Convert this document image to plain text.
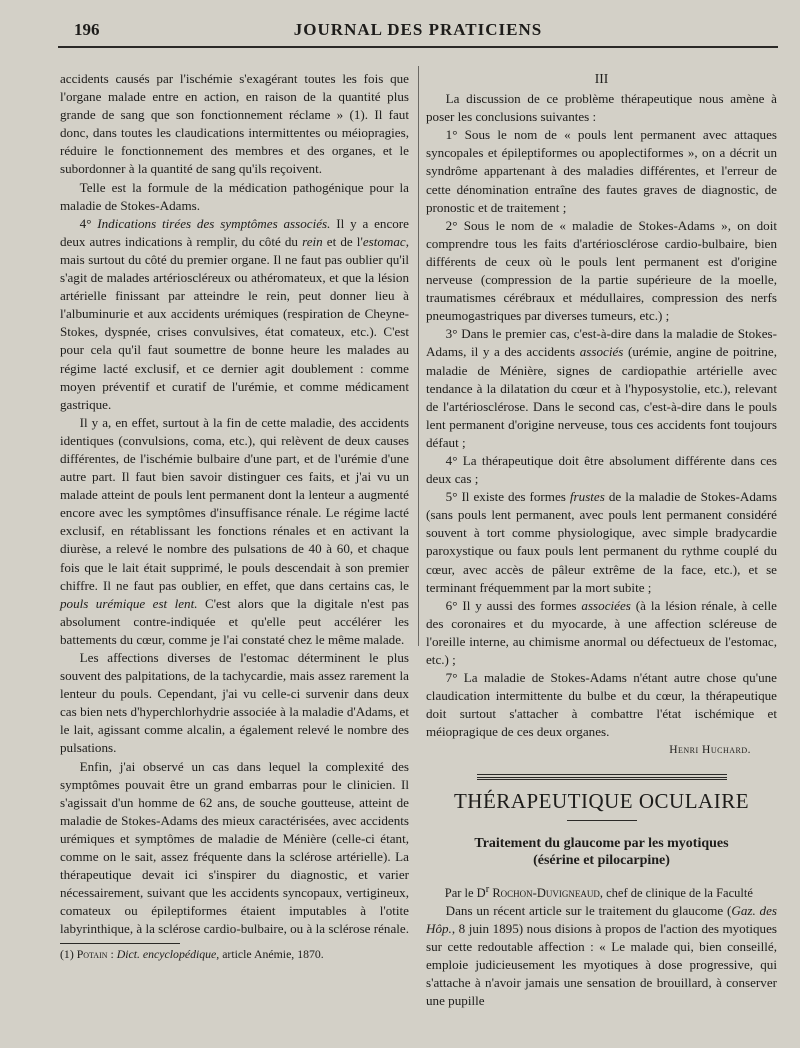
196	JOURNAL DES PRATICIENS

accidents causés par l'ischémie s'exagérant toutes les fois que l'organe malade entre en action, en raison de la quantité plus grande de sang que son fonctionnement réclame » (1). Il faut donc, dans toutes les claudications intermittentes ou méiopragies, réduire le fonctionnement des membres et des organes, et le subordonner à la quantité de sang qu'ils reçoivent.

Telle est la formule de la médication pathogénique pour la maladie de Stokes-Adams.

4° Indications tirées des symptômes associés. Il y a encore deux autres indications à remplir, du côté du rein et de l'estomac, mais surtout du côté du premier organe. Il ne faut pas oublier qu'il s'agit de malades artérioscléreux ou athéromateux, et que la lésion artérielle finissant par atteindre le rein, peut donner lieu à l'albuminurie et aux accidents urémiques (respiration de Cheyne-Stokes, dyspnée, crises convulsives, état comateux, etc.). C'est pour cela qu'il faut soumettre de bonne heure les malades au régime lacté exclusif, et ce dernier agit doublement : comme moyen préventif et curatif de l'urémie, et comme médicament gastrique.

Il y a, en effet, surtout à la fin de cette maladie, des accidents identiques (convulsions, coma, etc.), qui relèvent de deux causes différentes, de l'ischémie bulbaire d'une part, et de l'urémie d'une autre part. Il faut bien savoir distinguer ces faits, et j'ai vu un malade atteint de pouls lent permanent dont la lenteur a augmenté encore avec les symptômes d'insuffisance rénale. Le régime lacté exclusif, en rétablissant les fonctions rénales et en activant la diurèse, a relevé le nombre des pulsations de 40 à 60, et chaque fois que le lait était supprimé, le pouls descendait à son premier chiffre. Il ne faut pas oublier, en effet, que dans certains cas, le pouls urémique est lent. C'est alors que la digitale n'est pas absolument contre-indiquée et qu'elle peut accélérer les battements du cœur, comme je l'ai constaté chez le même malade.

Les affections diverses de l'estomac déterminent le plus souvent des palpitations, de la tachycardie, mais assez rarement la lenteur du pouls. Cependant, j'ai vu celle-ci survenir dans deux cas bien nets d'hyperchlorhydrie associée à la maladie d'Adams, et le lait, agissant comme alcalin, a également relevé le nombre des pulsations.

Enfin, j'ai observé un cas dans lequel la complexité des symptômes pouvait être un grand embarras pour le clinicien. Il s'agissait d'un homme de 62 ans, de souche goutteuse, atteint de maladie de Stokes-Adams des mieux caractérisées, avec accidents urémiques et symptômes de maladie de Ménière (celle-ci étant, comme on le sait, assez fréquente dans la sclérose artérielle). La thérapeutique devait ici s'inspirer du diagnostic, et varier nécessairement, suivant que les accidents syncopaux, vertigineux, comateux ou épileptiformes étaient imputables à l'otite labyrinthique, à la sclérose cardio-bulbaire, ou à la sclérose rénale.

(1) Potain : Dict. encyclopédique, article Anémie, 1870.

III

La discussion de ce problème thérapeutique nous amène à poser les conclusions suivantes :

1° Sous le nom de « pouls lent permanent avec attaques syncopales et épileptiformes ou apoplectiformes », on a décrit un syndrôme appartenant à des maladies différentes, et l'erreur de cette dénomination entraîne des fautes graves de diagnostic, de pronostic et de traitement ;

2° Sous le nom de « maladie de Stokes-Adams », on doit comprendre tous les faits d'artériosclérose cardio-bulbaire, bien différents de ceux où le pouls lent permanent est d'origine nerveuse (compression de la partie supérieure de la moelle, traumatismes cérébraux et médullaires, compression des nerfs pneumogastriques par diverses tumeurs, etc.) ;

3° Dans le premier cas, c'est-à-dire dans la maladie de Stokes-Adams, il y a des accidents associés (urémie, angine de poitrine, maladie de Ménière, signes de cardiopathie artérielle avec tendance à la dilatation du cœur et à l'hyposystolie, etc.), relevant de l'artériosclérose. Dans le second cas, c'est-à-dire dans le pouls lent permanent d'origine nerveuse, tous ces accidents font toujours défaut ;

4° La thérapeutique doit être absolument différente dans ces deux cas ;

5° Il existe des formes frustes de la maladie de Stokes-Adams (sans pouls lent permanent, avec pouls lent permanent considéré souvent à tort comme physiologique, avec simple bradycardie paroxystique ou faux pouls lent permanent du rythme couplé du cœur, avec accès de pâleur extrême de la face, etc.), et se terminant fréquemment par la mort subite ;

6° Il y aussi des formes associées (à la lésion rénale, à celle des coronaires et du myocarde, à une affection scléreuse de l'oreille interne, au chimisme anormal ou défectueux de l'estomac, etc.) ;

7° La maladie de Stokes-Adams n'étant autre chose qu'une claudication intermittente du bulbe et du cœur, la thérapeutique doit surtout s'attacher à combattre l'état ischémique et méiopragique de ces deux organes.

Henri Huchard.
THÉRAPEUTIQUE OCULAIRE
Traitement du glaucome par les myotiques
(ésérine et pilocarpine)

Par le $D^r$ Rochon-Duvigneaud, chef de clinique de la Faculté

Dans un récent article sur le traitement du glaucome (Gaz. des Hôp., 8 juin 1895) nous disions à propos de l'action des myotiques sur cette redoutable affection : « Le malade qui, bien conseillé, emploie judicieusement les myotiques à dose progressive, qui s'attache à n'avoir jamais une sensation de brouillard, à conserver une pupille
